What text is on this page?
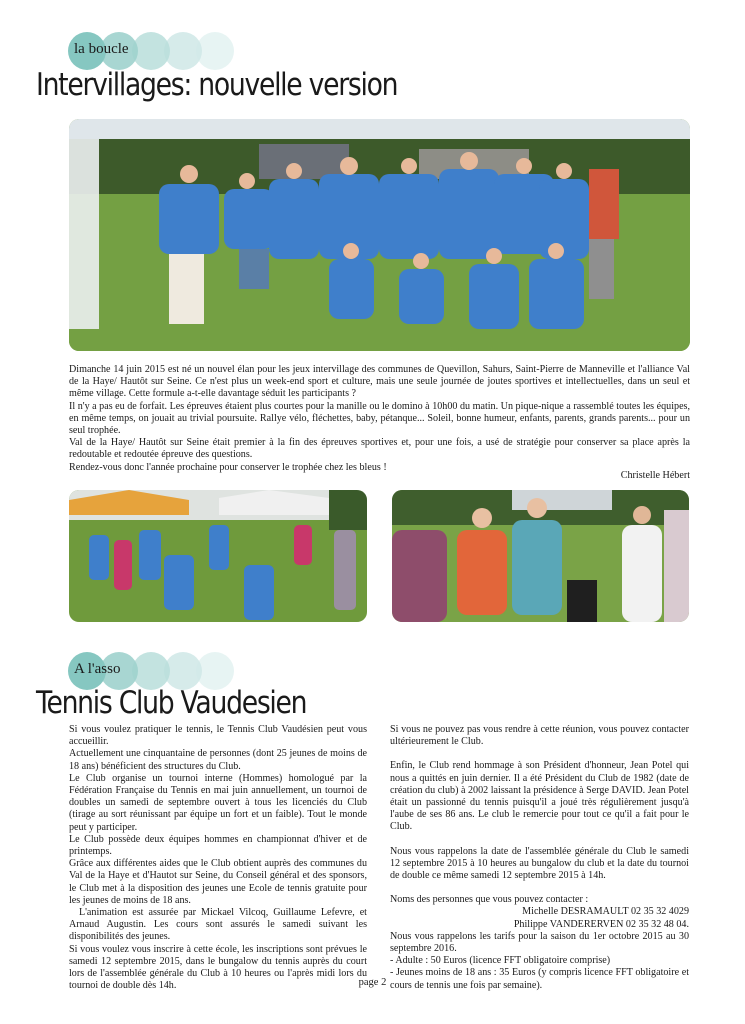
la boucle
Intervillages: nouvelle version

Dimanche 14 juin 2015 est né un nouvel élan pour les jeux intervillage des communes de Quevillon, Sahurs, Saint-Pierre de Manneville et l'alliance Val de la Haye/ Hautôt sur Seine. Ce n'est plus un week-end sport et culture, mais une seule journée de joutes sportives et intellectuelles, dans un seul et même village. Cette formule a-t-elle davantage séduit les participants ?

Il n'y a pas eu de forfait. Les épreuves étaient plus courtes pour la manille ou le domino à 10h00 du matin. Un pique-nique a rassemblé toutes les équipes, en même temps, on jouait au trivial poursuite. Rallye vélo, fléchettes, baby, pétanque... Soleil, bonne humeur, enfants, parents, grands parents... pour un seul trophée.

Val de la Haye/ Hautôt sur Seine était premier à la fin des épreuves sportives et, pour une fois, a usé de stratégie pour conserver sa place après la redoutable et redoutée épreuve des questions.

Rendez-vous donc l'année prochaine pour conserver le trophée chez les bleus !

Christelle Hébert
A l'asso
Tennis Club Vaudesien

Si vous voulez pratiquer le tennis, le Tennis Club Vaudésien peut vous accueillir.

Actuellement une cinquantaine de personnes (dont 25 jeunes de moins de 18 ans) bénéficient des structures du Club.

Le Club organise un tournoi interne (Hommes) homologué par la Fédération Française du Tennis en mai juin annuellement, un tournoi de doubles un samedi de septembre ouvert à tous les licenciés du Club (tirage au sort réunissant par équipe un fort et un faible). Tout le monde peut y participer.

Le Club possède deux équipes hommes en championnat d'hiver et de printemps.

Grâce aux différentes aides que le Club obtient auprès des communes du Val de la Haye et d'Hautot sur Seine, du Conseil général et des sponsors, le Club met à la disposition des jeunes une Ecole de tennis gratuite pour les jeunes de moins de 18 ans.

L'animation est assurée par Mickael Vilcoq, Guillaume Lefevre, et Arnaud Augustin. Les cours sont assurés le samedi suivant les disponibilités des jeunes.

Si vous voulez vous inscrire à cette école, les inscriptions sont prévues le samedi 12 septembre 2015, dans le bungalow du tennis auprès du court lors de l'assemblée générale du Club à 10 heures ou l'après midi lors du tournoi de double dès 14h.

Si vous ne pouvez pas vous rendre à cette réunion, vous pouvez contacter ultérieurement le Club.

Enfin, le Club rend hommage à son Président d'honneur, Jean Potel qui nous a quittés en juin dernier. Il a été Président du Club de 1982 (date de création du club) à 2002 laissant la présidence à Serge DAVID. Jean Potel était un passionné du tennis puisqu'il a joué très régulièrement jusqu'à l'aube de ses 86 ans. Le club le remercie pour tout ce qu'il a fait pour le Club.

Nous vous rappelons la date de l'assemblée générale du Club le samedi 12 septembre 2015 à 10 heures au bungalow du club et la date du tournoi de double ce même samedi 12 septembre 2015 à 14h.

Noms des personnes que vous pouvez contacter :

Michelle DESRAMAULT 02 35 32 4029

Philippe VANDERERVEN 02 35 32 48 04.

Nous vous rappelons les tarifs pour la saison du 1er octobre 2015 au 30 septembre 2016.

- Adulte : 50 Euros (licence FFT obligatoire comprise)

- Jeunes moins de 18 ans : 35 Euros (y compris licence FFT obligatoire et cours de tennis une fois par semaine).

page 2
